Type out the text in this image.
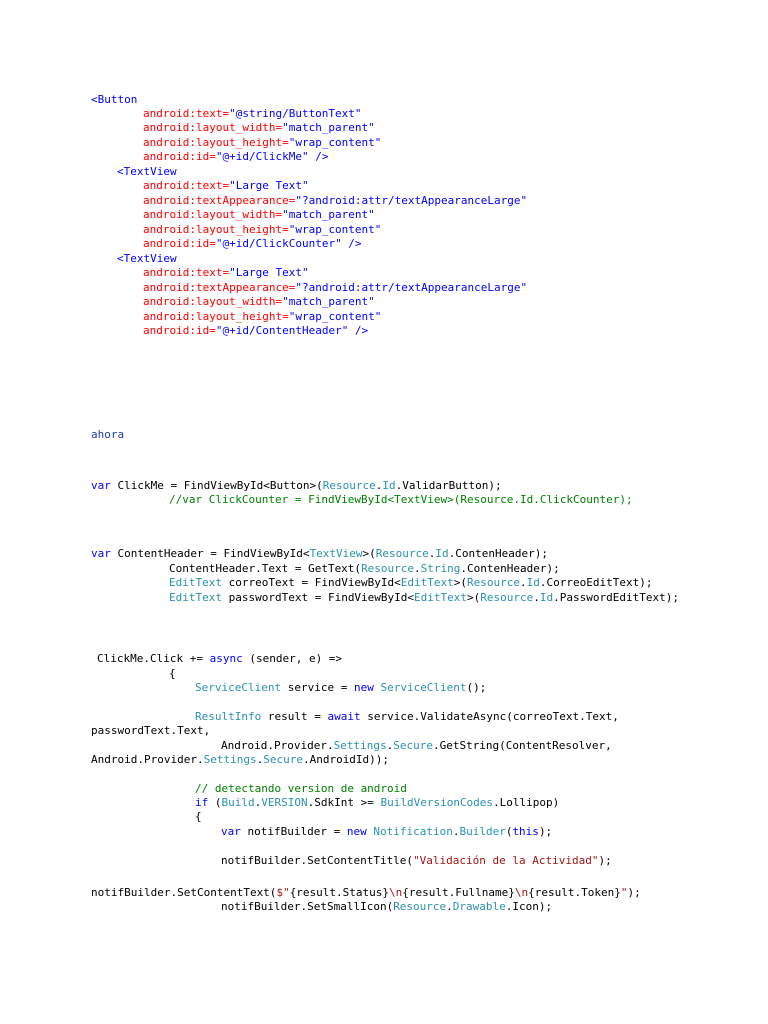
<Button
android:text="@string/ButtonText"
android:layout_width="match_parent"
android:layout_height="wrap_content"
android:id="@+id/ClickMe" />
<TextView
android:text="Large Text"
android:textAppearance="?android:attr/textAppearanceLarge"
android:layout_width="match_parent"
android:layout_height="wrap_content"
android:id="@+id/ClickCounter" />
<TextView
android:text="Large Text"
android:textAppearance="?android:attr/textAppearanceLarge"
android:layout_width="match_parent"
android:layout_height="wrap_content"
android:id="@+id/ContentHeader" />
ahora
var ClickMe = FindViewById<Button>(Resource.Id.ValidarButton);
//var ClickCounter = FindViewById<TextView>(Resource.Id.ClickCounter);
var ContentHeader = FindViewById<TextView>(Resource.Id.ContenHeader);
ContentHeader.Text = GetText(Resource.String.ContenHeader);
EditText correoText = FindViewById<EditText>(Resource.Id.CorreoEditText);
EditText passwordText = FindViewById<EditText>(Resource.Id.PasswordEditText);
ClickMe.Click += async (sender, e) =>
{
ServiceClient service = new ServiceClient();
ResultInfo result = await service.ValidateAsync(correoText.Text,
passwordText.Text,
Android.Provider.Settings.Secure.GetString(ContentResolver,
Android.Provider.Settings.Secure.AndroidId));
// detectando version de android
if (Build.VERSION.SdkInt >= BuildVersionCodes.Lollipop)
{
var notifBuilder = new Notification.Builder(this);
notifBuilder.SetContentTitle("Validación de la Actividad");
notifBuilder.SetContentText($"{result.Status}\n{result.Fullname}\n{result.Token}");
notifBuilder.SetSmallIcon(Resource.Drawable.Icon);
